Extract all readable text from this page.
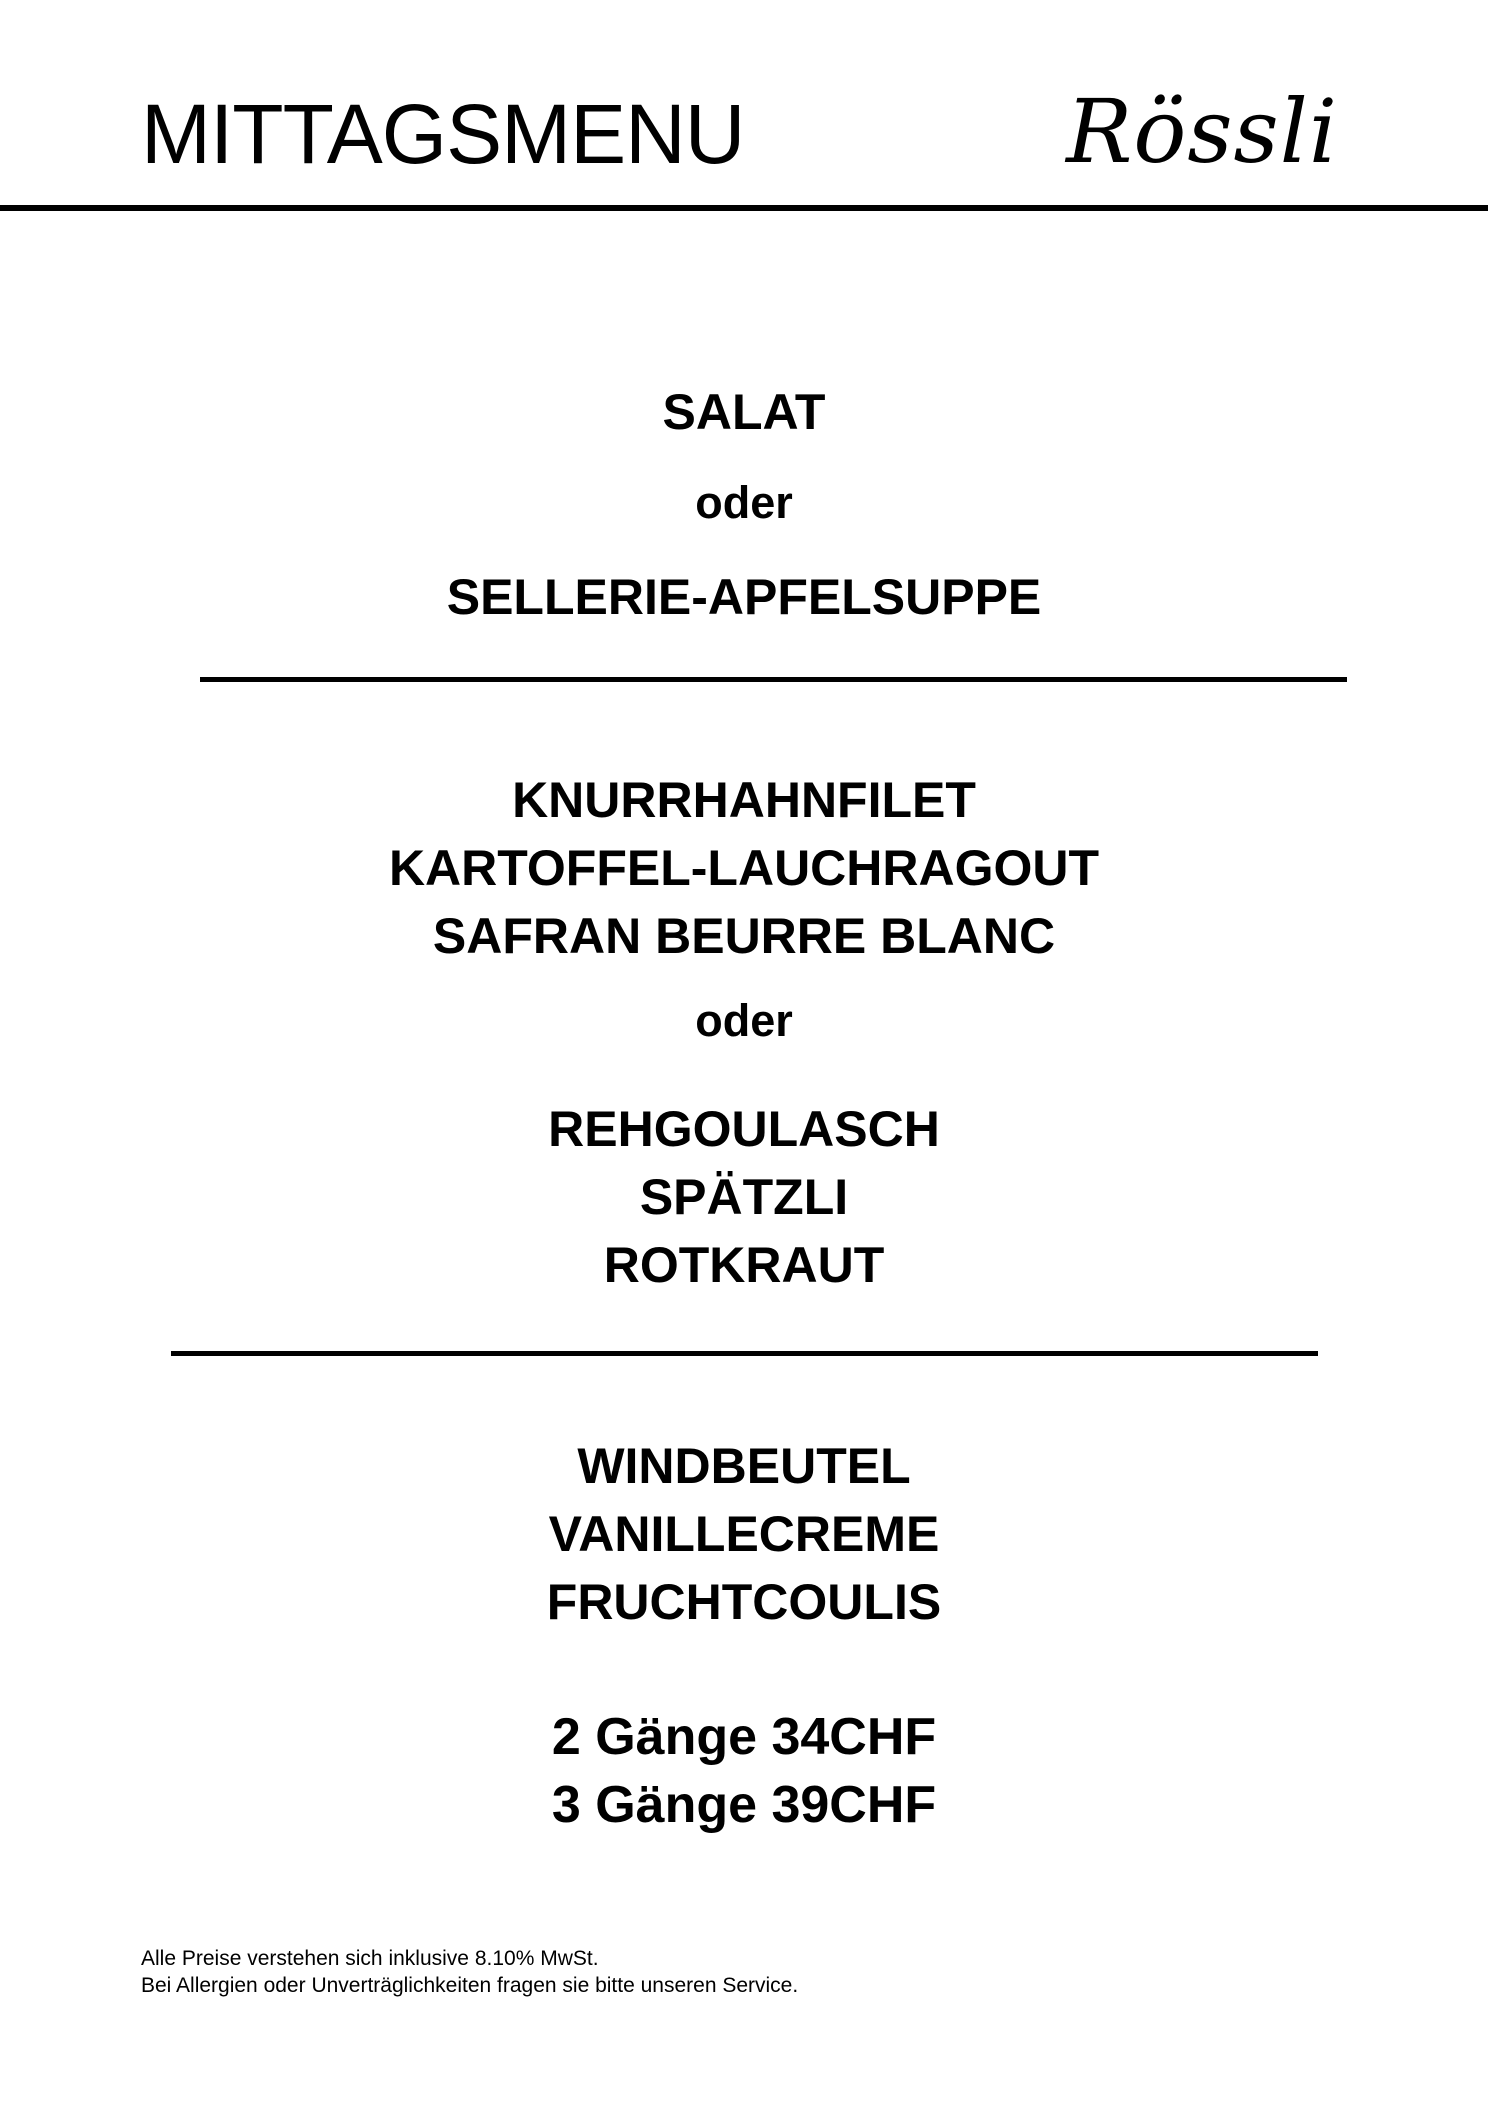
MITTAGSMENU	Rössli
SALAT
oder
SELLERIE-APFELSUPPE
KNURRHAHNFILET
KARTOFFEL-LAUCHRAGOUT
SAFRAN BEURRE BLANC
oder
REHGOULASCH
SPÄTZLI
ROTKRAUT
WINDBEUTEL
VANILLECREME
FRUCHTCOULIS
2 Gänge 34CHF
3 Gänge 39CHF
Alle Preise verstehen sich inklusive 8.10% MwSt.
Bei Allergien oder Unverträglichkeiten fragen sie bitte unseren Service.
